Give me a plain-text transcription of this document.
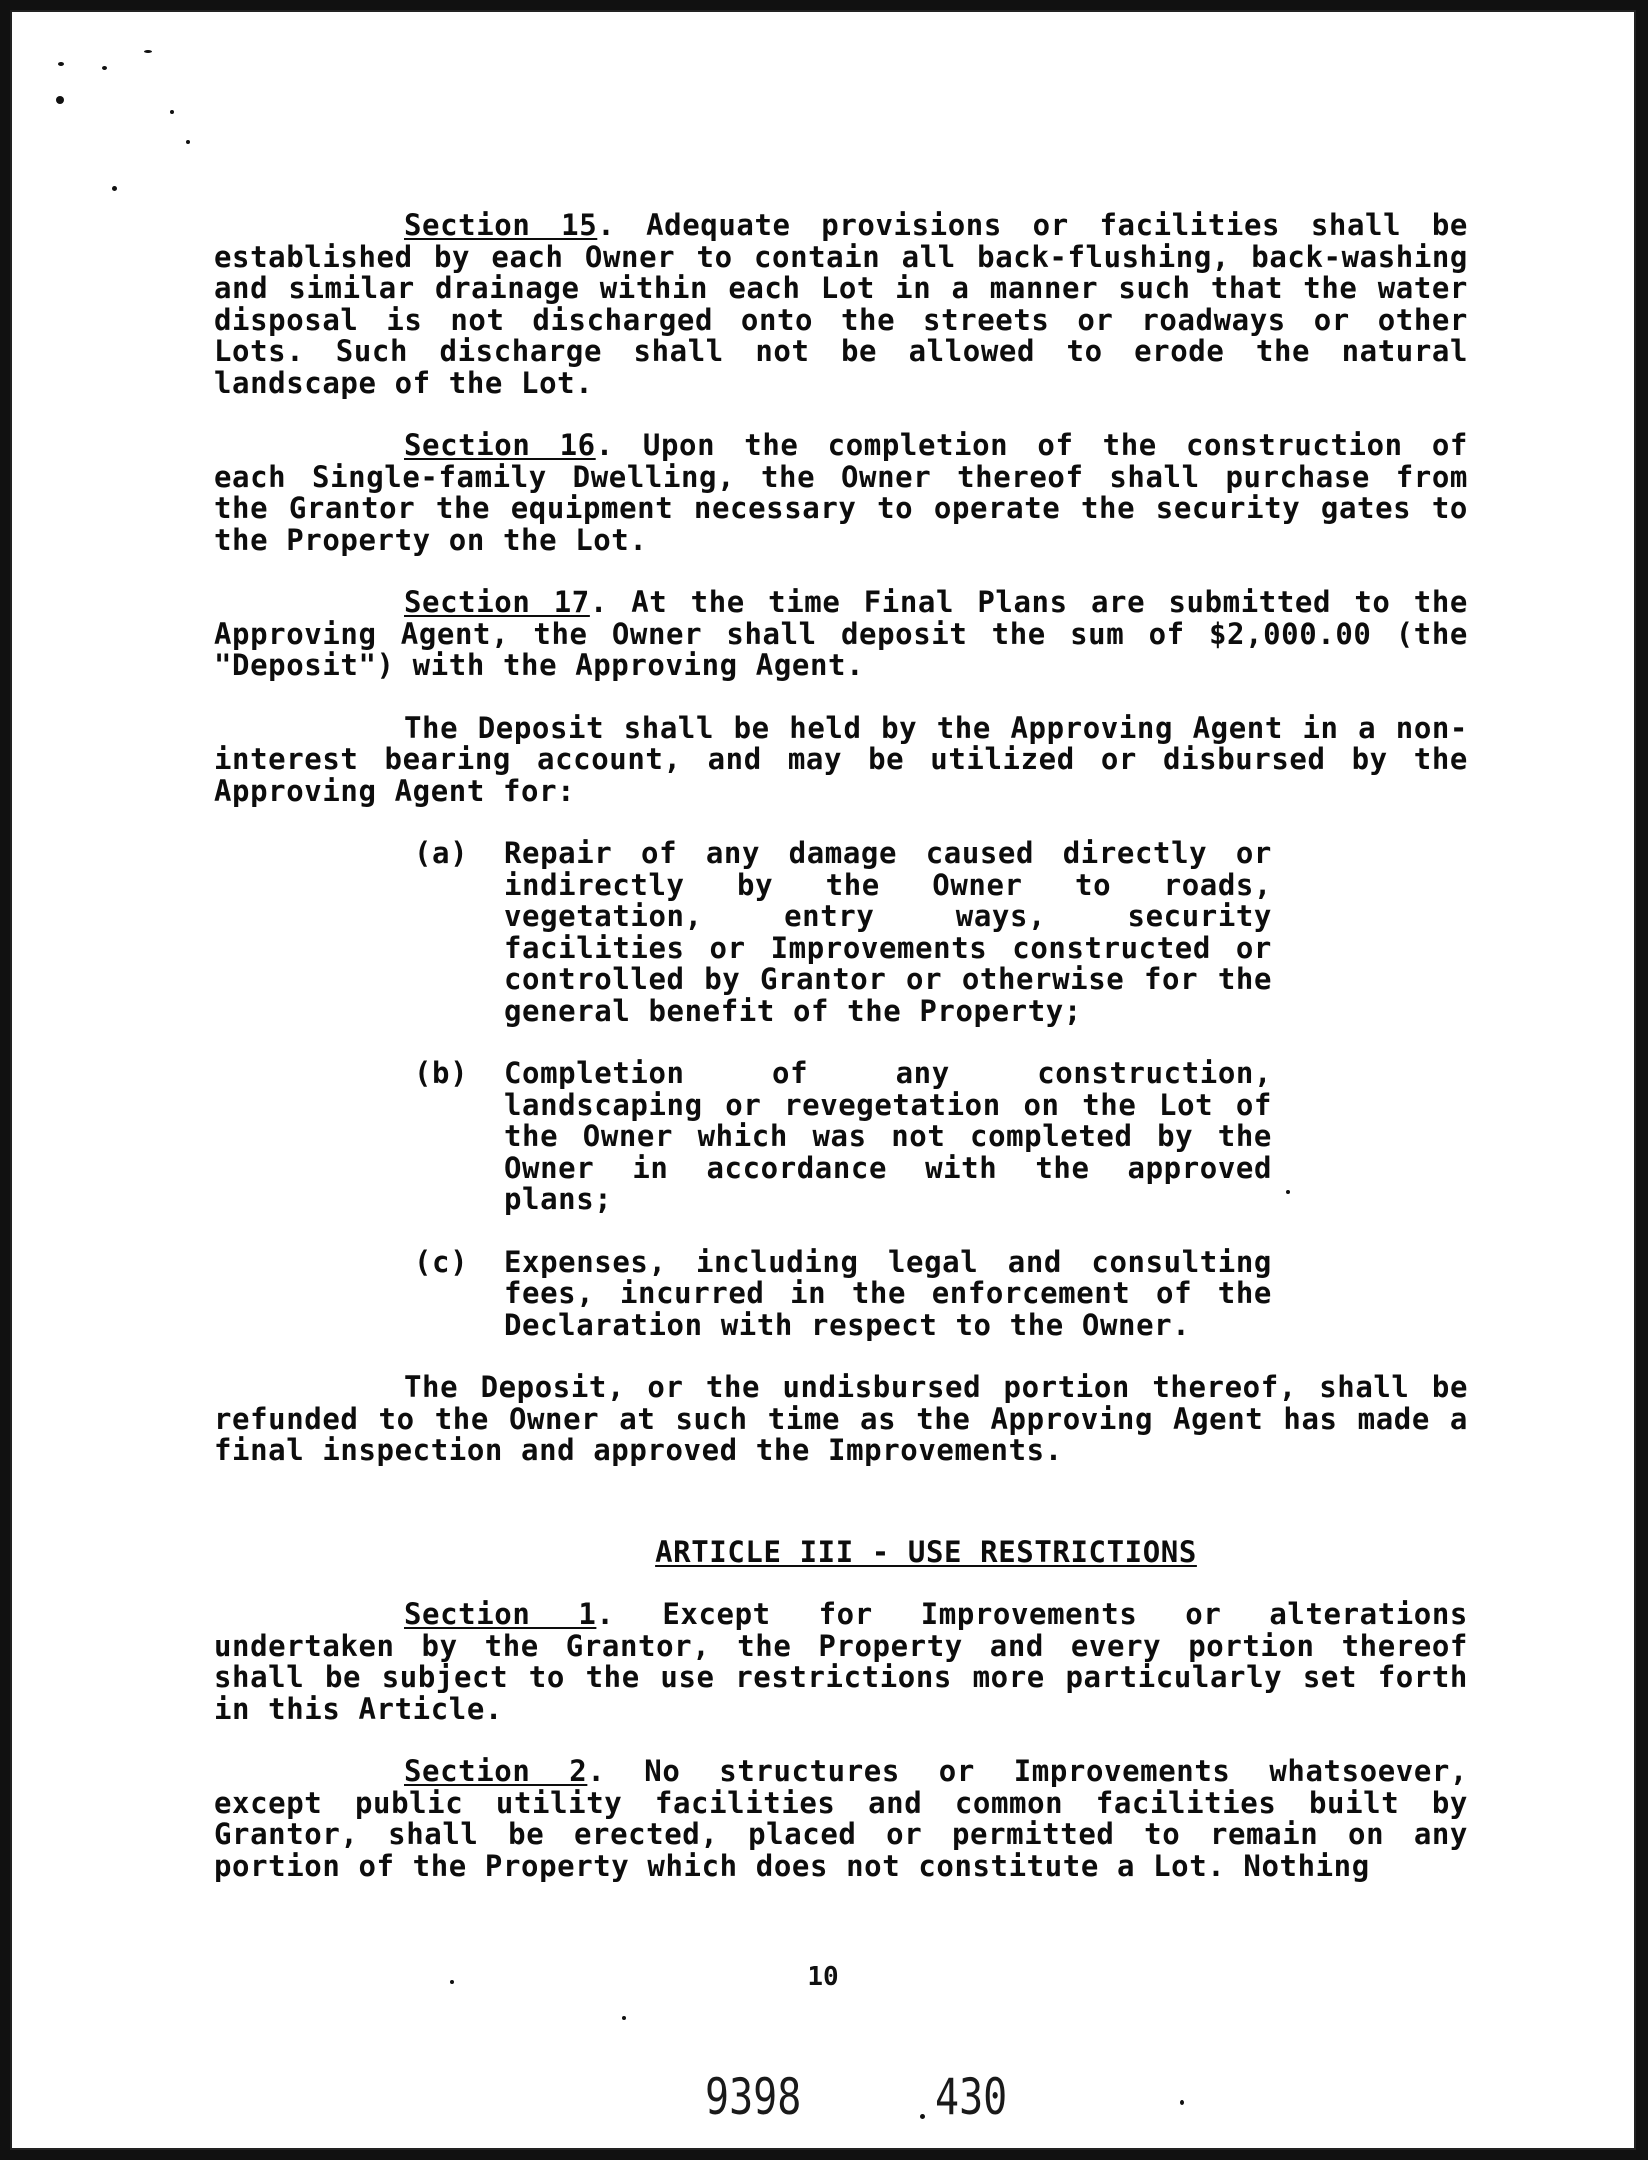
Section 15. Adequate provisions or facilities shall be established by each Owner to contain all back-flushing, back-washing and similar drainage within each Lot in a manner such that the water disposal is not discharged onto the streets or roadways or other Lots. Such discharge shall not be allowed to erode the natural landscape of the Lot.

Section 16. Upon the completion of the construction of each Single-family Dwelling, the Owner thereof shall purchase from the Grantor the equipment necessary to operate the security gates to the Property on the Lot.

Section 17. At the time Final Plans are submitted to the Approving Agent, the Owner shall deposit the sum of $2,000.00 (the "Deposit") with the Approving Agent.

The Deposit shall be held by the Approving Agent in a non-interest bearing account, and may be utilized or disbursed by the Approving Agent for:

(a)	Repair of any damage caused directly or indirectly by the Owner to roads, vegetation, entry ways, security facilities or Improvements constructed or controlled by Grantor or otherwise for the general benefit of the Property;
(b)	Completion of any construction, landscaping or revegetation on the Lot of the Owner which was not completed by the Owner in accordance with the approved plans;
(c)	Expenses, including legal and consulting fees, incurred in the enforcement of the Declaration with respect to the Owner.

The Deposit, or the undisbursed portion thereof, shall be refunded to the Owner at such time as the Approving Agent has made a final inspection and approved the Improvements.

ARTICLE III - USE RESTRICTIONS

Section 1. Except for Improvements or alterations undertaken by the Grantor, the Property and every portion thereof shall be subject to the use restrictions more particularly set forth in this Article.

Section 2. No structures or Improvements whatsoever, except public utility facilities and common facilities built by Grantor, shall be erected, placed or permitted to remain on any portion of the Property which does not constitute a Lot. Nothing

10
9398	430
